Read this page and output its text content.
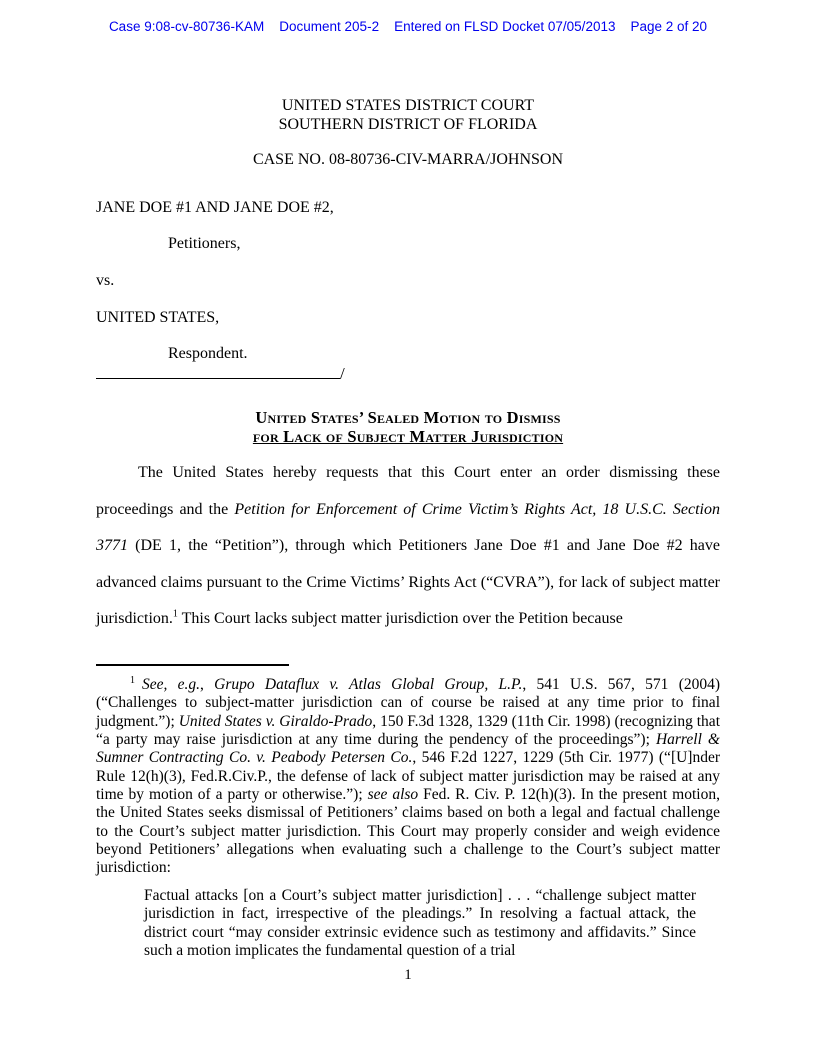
Case 9:08-cv-80736-KAM Document 205-2 Entered on FLSD Docket 07/05/2013 Page 2 of 20
UNITED STATES DISTRICT COURT
SOUTHERN DISTRICT OF FLORIDA
CASE NO. 08-80736-CIV-MARRA/JOHNSON
JANE DOE #1 AND JANE DOE #2,
Petitioners,
vs.
UNITED STATES,
Respondent.
/
United States’ Sealed Motion to Dismiss
for Lack of Subject Matter Jurisdiction

The United States hereby requests that this Court enter an order dismissing these proceedings and the Petition for Enforcement of Crime Victim’s Rights Act, 18 U.S.C. Section 3771 (DE 1, the “Petition”), through which Petitioners Jane Doe #1 and Jane Doe #2 have advanced claims pursuant to the Crime Victims’ Rights Act (“CVRA”), for lack of subject matter jurisdiction.$^1$ This Court lacks subject matter jurisdiction over the Petition because

$^1$ See, e.g., Grupo Dataflux v. Atlas Global Group, L.P., 541 U.S. 567, 571 (2004) (“Challenges to subject-matter jurisdiction can of course be raised at any time prior to final judgment.”); United States v. Giraldo-Prado, 150 F.3d 1328, 1329 (11th Cir. 1998) (recognizing that “a party may raise jurisdiction at any time during the pendency of the proceedings”); Harrell & Sumner Contracting Co. v. Peabody Petersen Co., 546 F.2d 1227, 1229 (5th Cir. 1977) (“[U]nder Rule 12(h)(3), Fed.R.Civ.P., the defense of lack of subject matter jurisdiction may be raised at any time by motion of a party or otherwise.”); see also Fed. R. Civ. P. 12(h)(3). In the present motion, the United States seeks dismissal of Petitioners’ claims based on both a legal and factual challenge to the Court’s subject matter jurisdiction. This Court may properly consider and weigh evidence beyond Petitioners’ allegations when evaluating such a challenge to the Court’s subject matter jurisdiction:

Factual attacks [on a Court’s subject matter jurisdiction] . . . “challenge subject matter jurisdiction in fact, irrespective of the pleadings.” In resolving a factual attack, the district court “may consider extrinsic evidence such as testimony and affidavits.” Since such a motion implicates the fundamental question of a trial

1
